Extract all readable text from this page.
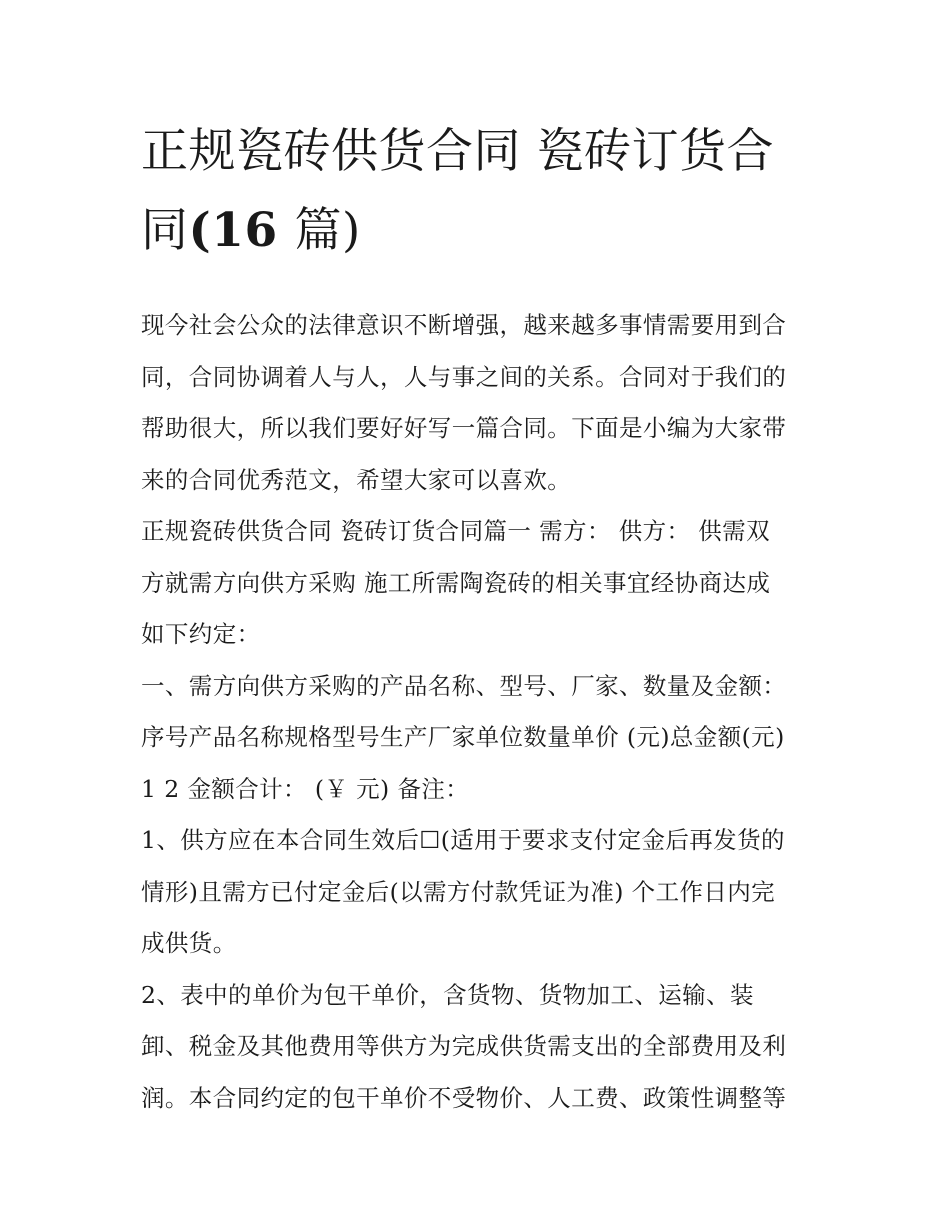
正规瓷砖供货合同 瓷砖订货合
同(16 篇)
现今社会公众的法律意识不断增强，越来越多事情需要用到合
同，合同协调着人与人，人与事之间的关系。合同对于我们的
帮助很大，所以我们要好好写一篇合同。下面是小编为大家带
来的合同优秀范文，希望大家可以喜欢。
正规瓷砖供货合同 瓷砖订货合同篇一 需方： 供方： 供需双
方就需方向供方采购 施工所需陶瓷砖的相关事宜经协商达成
如下约定：
一、需方向供方采购的产品名称、型号、厂家、数量及金额：
序号产品名称规格型号生产厂家单位数量单价 (元)总金额(元)
1 2 金额合计： (￥ 元) 备注：
1、供方应在本合同生效后☐(适用于要求支付定金后再发货的
情形)且需方已付定金后(以需方付款凭证为准) 个工作日内完
成供货。
2、表中的单价为包干单价，含货物、货物加工、运输、装
卸、税金及其他费用等供方为完成供货需支出的全部费用及利
润。本合同约定的包干单价不受物价、人工费、政策性调整等
